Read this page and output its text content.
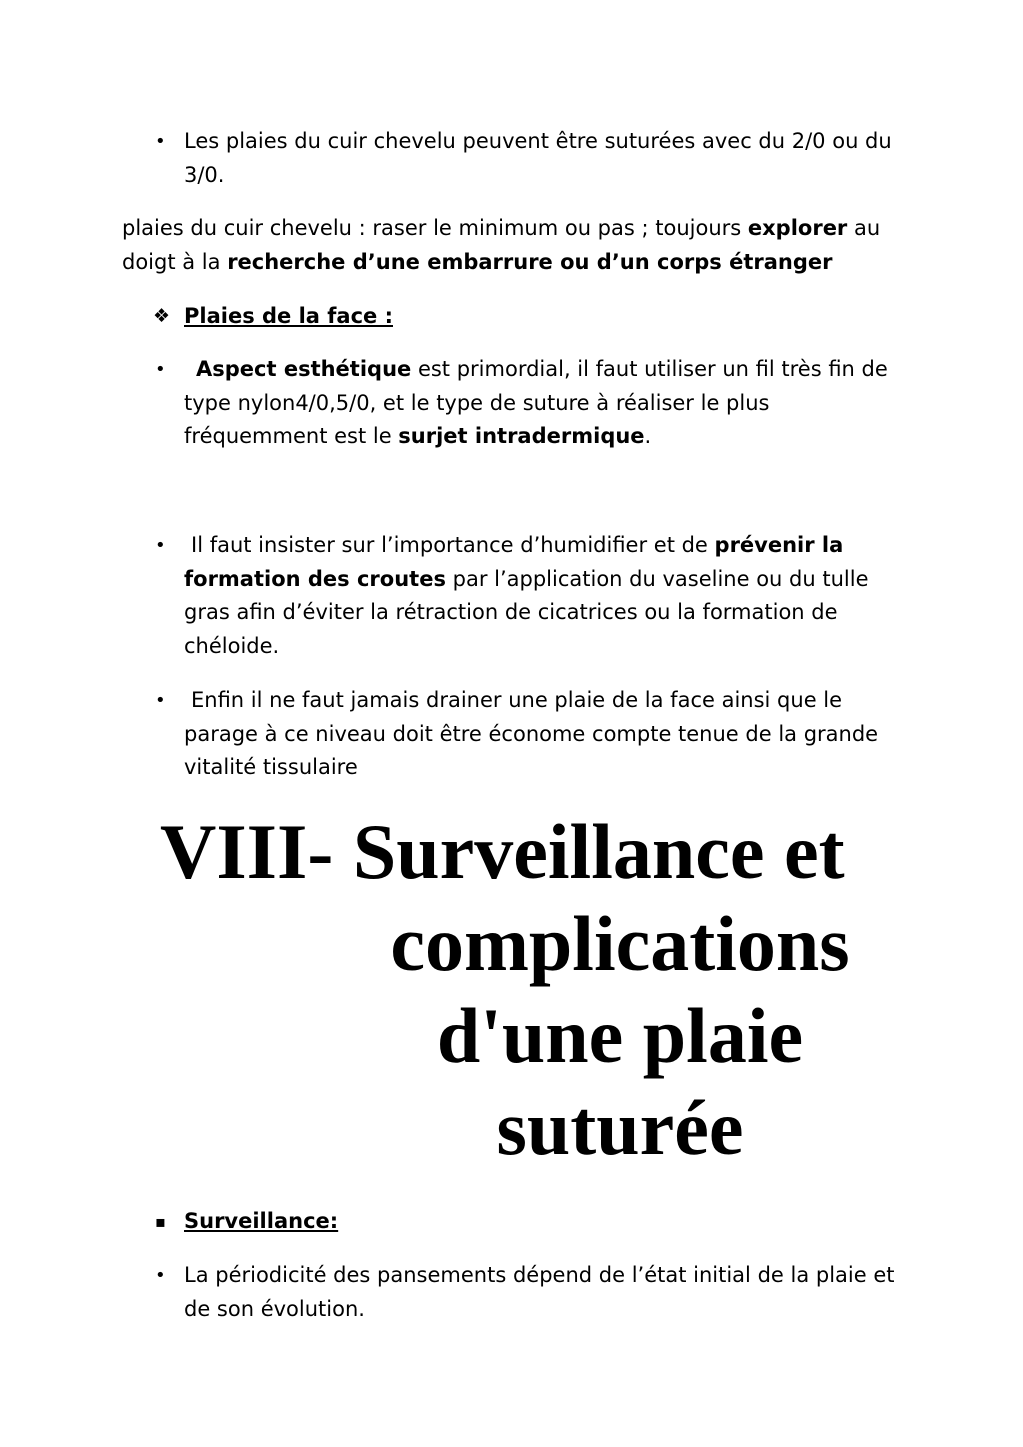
• Les plaies du cuir chevelu peuvent être suturées avec du 2/0 ou du 3/0.

plaies du cuir chevelu : raser le minimum ou pas ; toujours explorer au doigt à la recherche d’une embarrure ou d’un corps étranger

❖ Plaies de la face :

•	Aspect esthétique est primordial, il faut utiliser un fil très fin de type nylon4/0,5/0, et le type de suture à réaliser le plus fréquemment est le surjet intradermique.

•	Il faut insister sur l’importance d’humidifier et de prévenir la formation des croutes par l’application du vaseline ou du tulle gras afin d’éviter la rétraction de cicatrices ou la formation de chéloide.

•	Enfin il ne faut jamais drainer une plaie de la face ainsi que le parage à ce niveau doit être économe compte tenue de la grande vitalité tissulaire

VIII- Surveillance et
complications d'une plaie suturée
▪ Surveillance:

• La périodicité des pansements dépend de l’état initial de la plaie et de son évolution.
